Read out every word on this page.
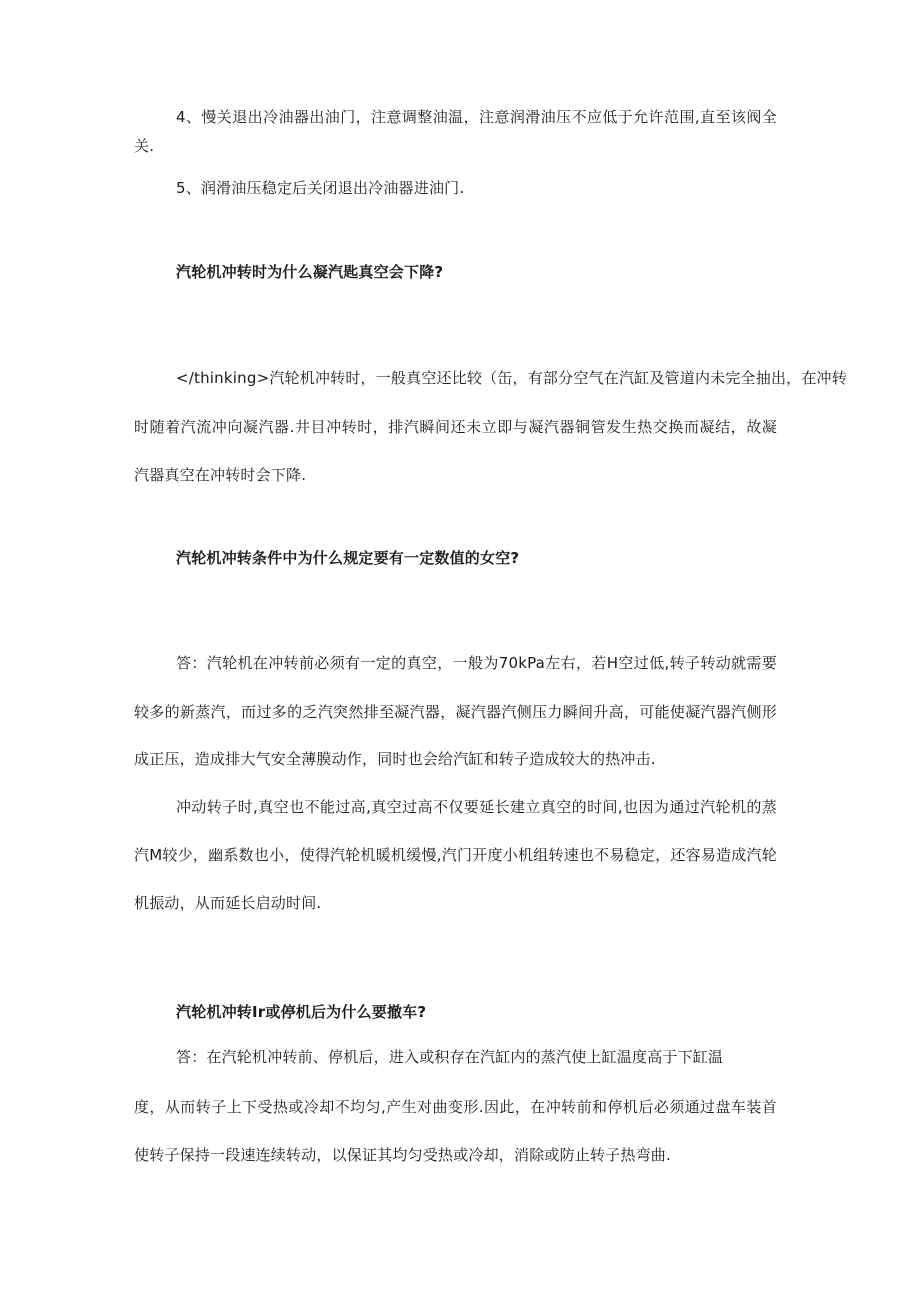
4、慢关退出冷油器出油门，注意调整油温，注意润滑油压不应低于允许范围,直至该阀全
关.
5、润滑油压稳定后关闭退出冷油器进油门.
汽轮机冲转时为什么凝汽匙真空会下降?
</thinking>汽轮机冲转时，一般真空还比较（缶，有部分空气在汽缸及管道内未完全抽出，在冲转
时随着汽流冲向凝汽器.井目冲转时，排汽瞬间还未立即与凝汽器铜管发生热交换而凝结，故凝
汽器真空在冲转时会下降.
汽轮机冲转条件中为什么规定要有一定数值的女空?
答：汽轮机在冲转前必须有一定的真空，一般为70kPa左右，若H空过低,转子转动就需要
较多的新蒸汽，而过多的乏汽突然排至凝汽器，凝汽器汽侧压力瞬间升高，可能使凝汽器汽侧形
成正压，造成排大气安全薄膜动作，同时也会给汽缸和转子造成较大的热冲击.
冲动转子时,真空也不能过高,真空过高不仅要延长建立真空的时间,也因为通过汽轮机的蒸
汽M较少，幽系数也小，使得汽轮机暖机缓慢,汽门开度小机组转速也不易稳定，还容易造成汽轮
机振动，从而延长启动时间.
汽轮机冲转Ir或停机后为什么要撤车?
答：在汽轮机冲转前、停机后，进入或积存在汽缸内的蒸汽使上缸温度高于下缸温
度，从而转子上下受热或冷却不均匀,产生对曲变形.因此，在冲转前和停机后必须通过盘车装首
使转子保持一段速连续转动，以保证其均匀受热或冷却，消除或防止转子热弯曲.
